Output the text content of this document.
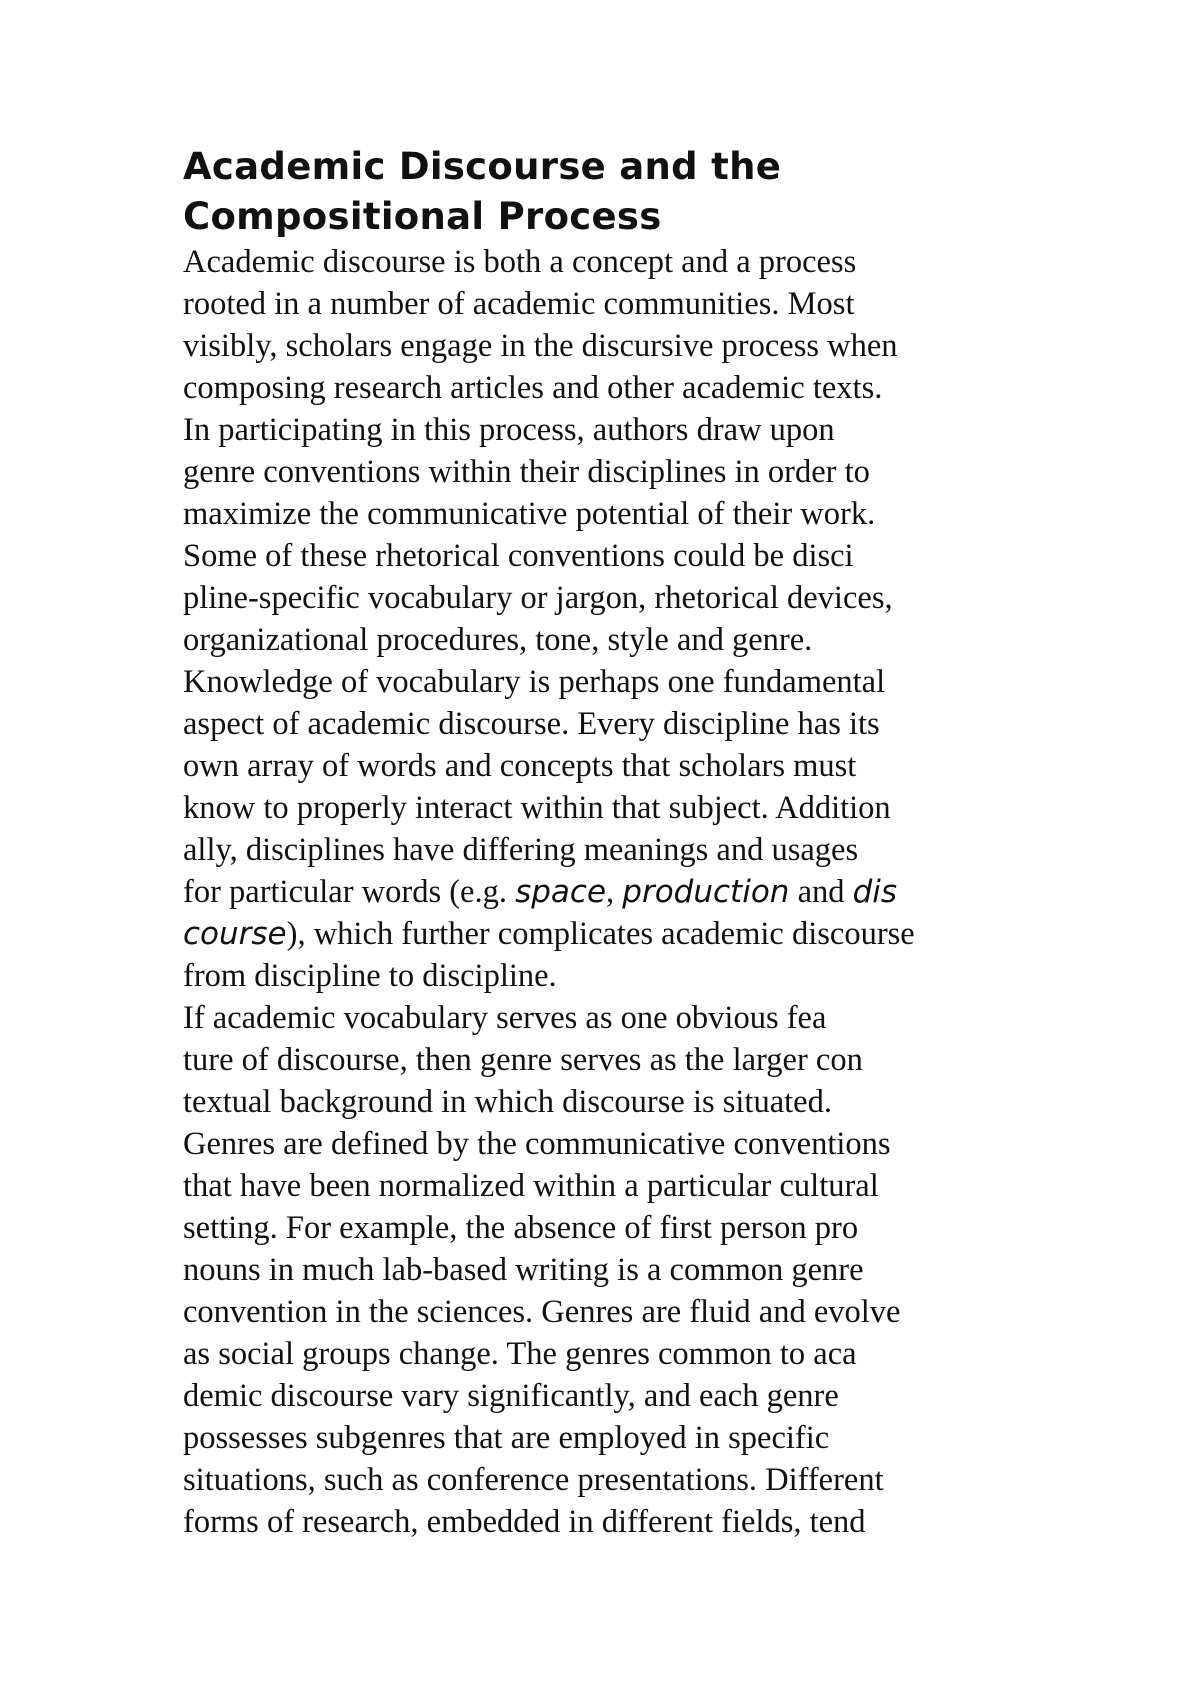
Academic Discourse and the
Compositional Process
Academic discourse is both a concept and a process
rooted in a number of academic communities. Most
visibly, scholars engage in the discursive process when
composing research articles and other academic texts.
In participating in this process, authors draw upon
genre conventions within their disciplines in order to
maximize the communicative potential of their work.
Some of these rhetorical conventions could be disci
pline-specific vocabulary or jargon, rhetorical devices,
organizational procedures, tone, style and genre.
Knowledge of vocabulary is perhaps one fundamental
aspect of academic discourse. Every discipline has its
own array of words and concepts that scholars must
know to properly interact within that subject. Addition
ally, disciplines have differing meanings and usages
for particular words (e.g. space, production and dis
course), which further complicates academic discourse
from discipline to discipline.
If academic vocabulary serves as one obvious fea
ture of discourse, then genre serves as the larger con
textual background in which discourse is situated.
Genres are defined by the communicative conventions
that have been normalized within a particular cultural
setting. For example, the absence of first person pro
nouns in much lab-based writing is a common genre
convention in the sciences. Genres are fluid and evolve
as social groups change. The genres common to aca
demic discourse vary significantly, and each genre
possesses subgenres that are employed in specific
situations, such as conference presentations. Different
forms of research, embedded in different fields, tend
